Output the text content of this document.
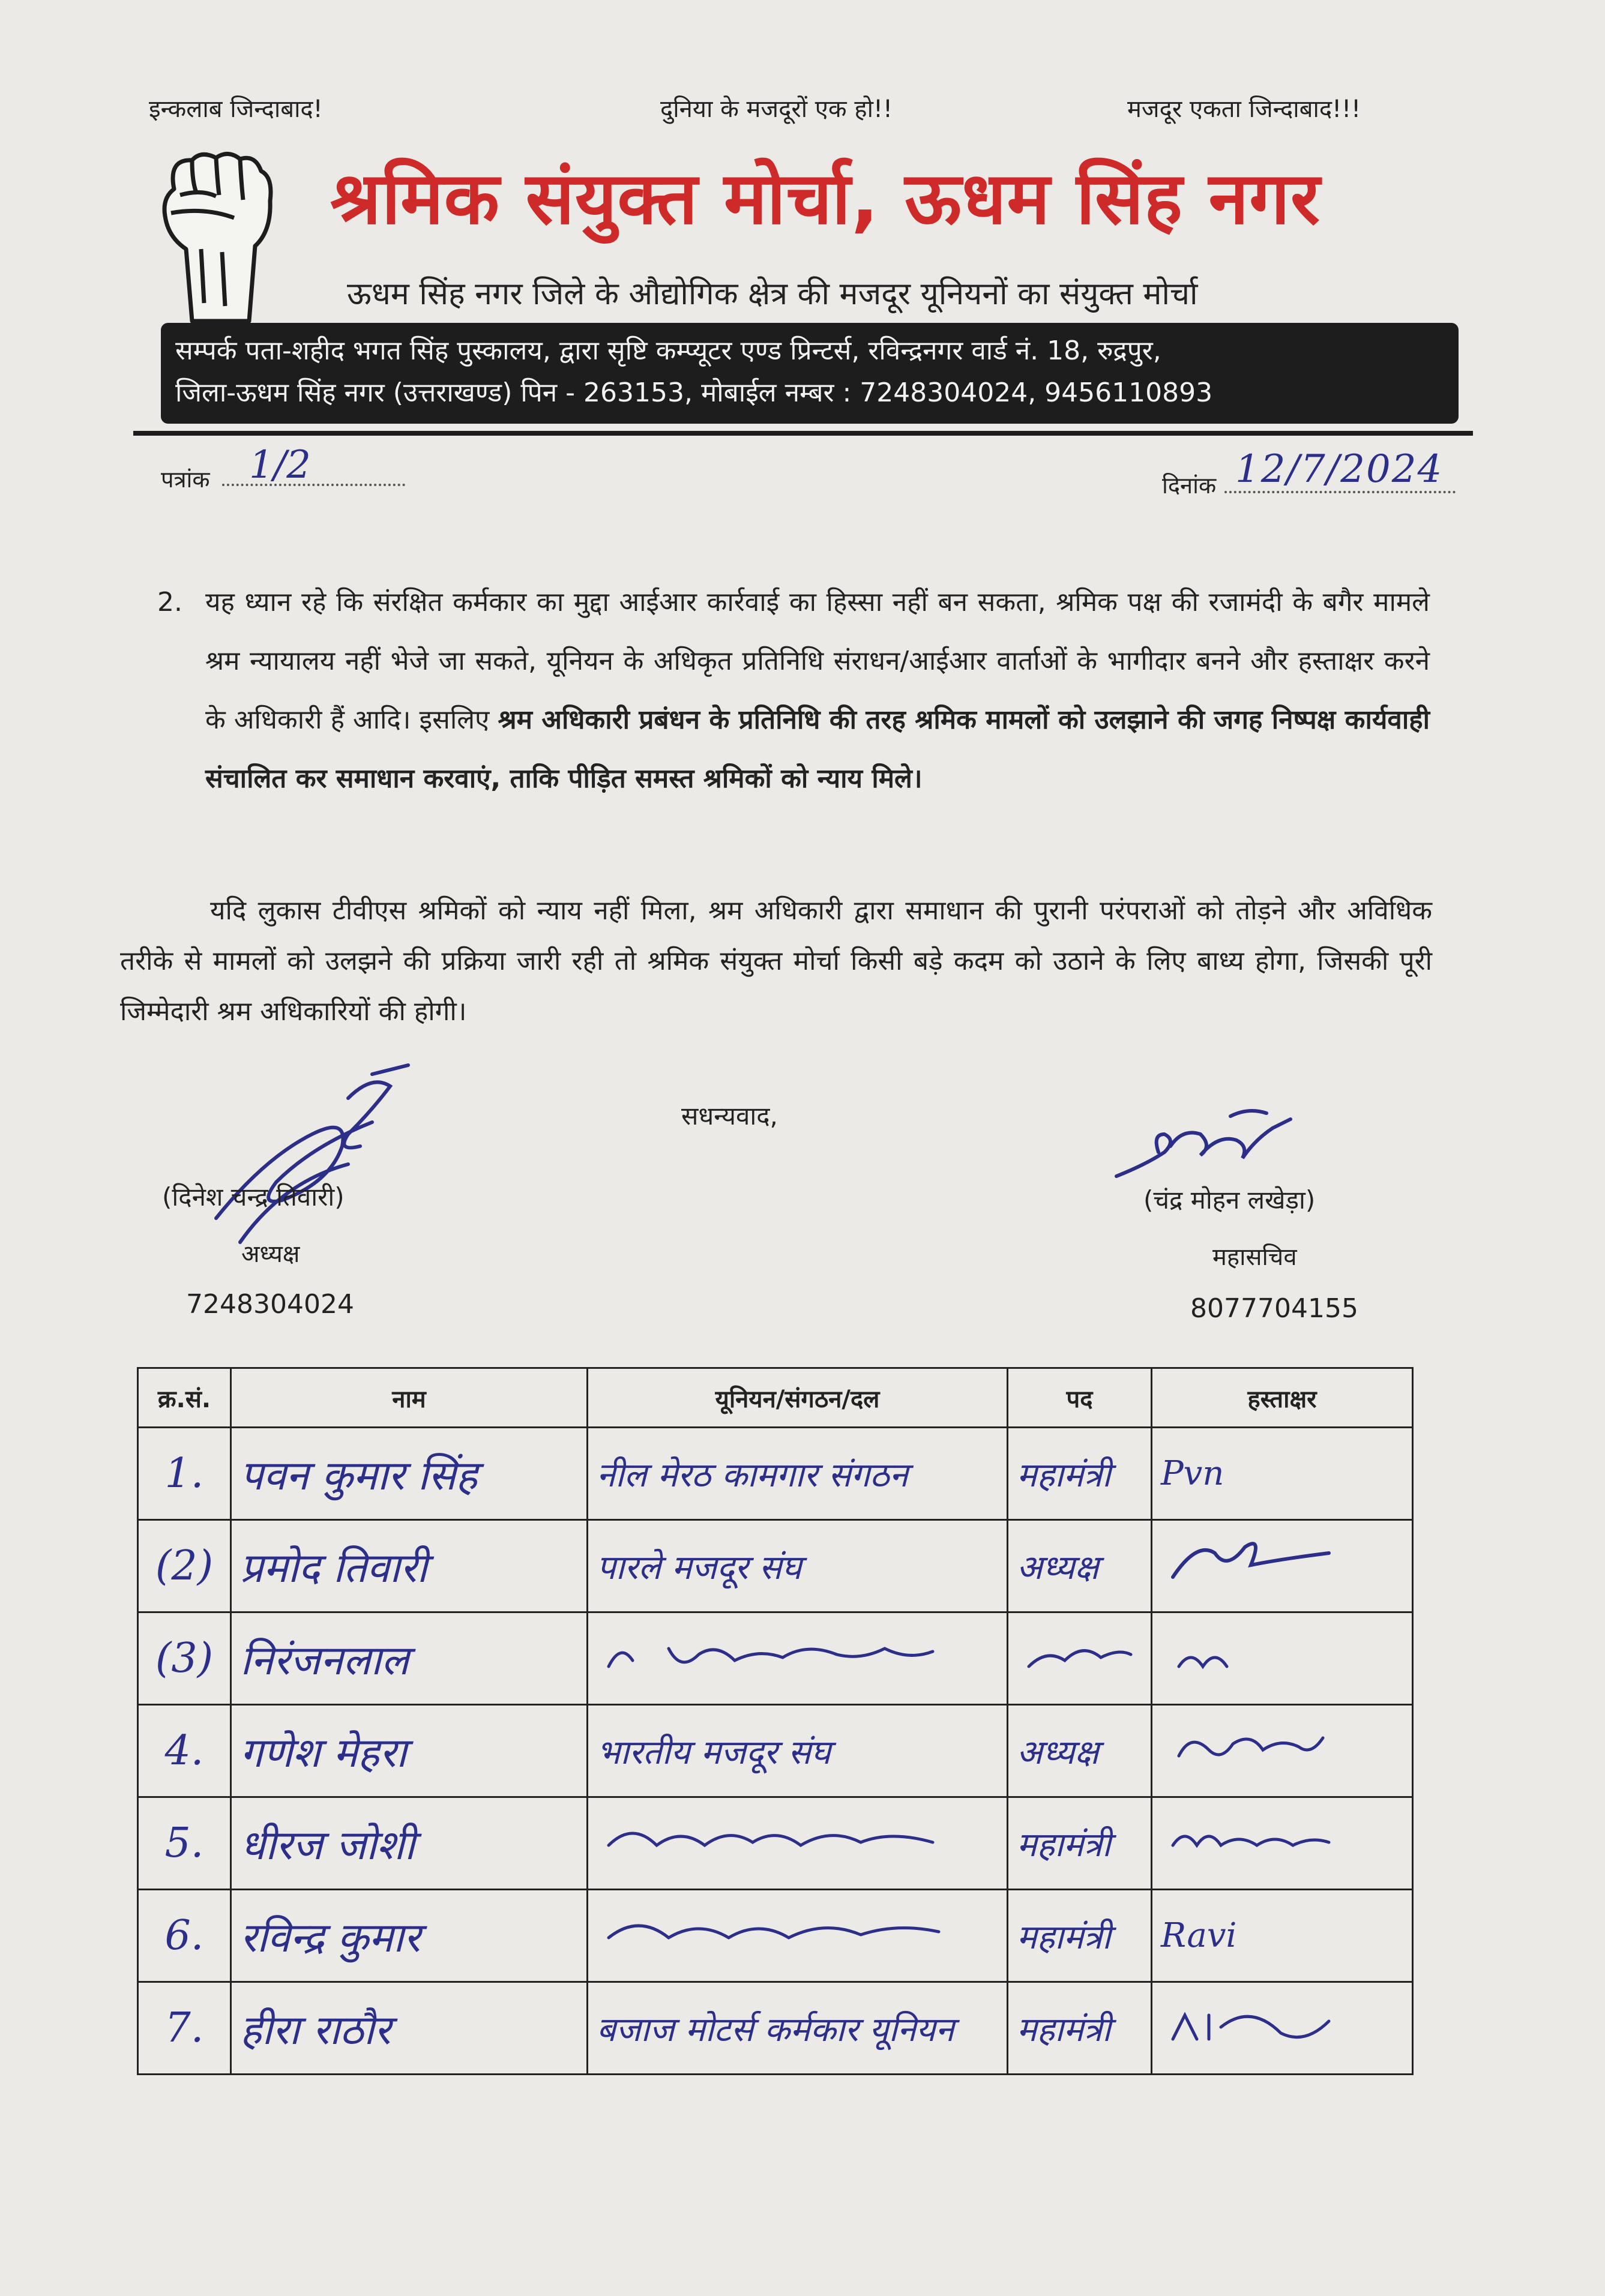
इन्कलाब जिन्दाबाद!	दुनिया के मजदूरों एक हो!!	मजदूर एकता जिन्दाबाद!!!
श्रमिक संयुक्त मोर्चा, ऊधम सिंह नगर
ऊधम सिंह नगर जिले के औद्योगिक क्षेत्र की मजदूर यूनियनों का संयुक्त मोर्चा
सम्पर्क पता-शहीद भगत सिंह पुस्कालय, द्वारा सृष्टि कम्प्यूटर एण्ड प्रिन्टर्स, रविन्द्रनगर वार्ड नं. 18, रुद्रपुर,
जिला-ऊधम सिंह नगर (उत्तराखण्ड) पिन - 263153, मोबाईल नम्बर : 7248304024, 9456110893
पत्रांक 1/2	दिनांक 12/7/2024
2. यह ध्यान रहे कि संरक्षित कर्मकार का मुद्दा आईआर कार्रवाई का हिस्सा नहीं बन सकता, श्रमिक पक्ष की रजामंदी के बगैर मामले श्रम न्यायालय नहीं भेजे जा सकते, यूनियन के अधिकृत प्रतिनिधि संराधन/आईआर वार्ताओं के भागीदार बनने और हस्ताक्षर करने के अधिकारी हैं आदि। इसलिए श्रम अधिकारी प्रबंधन के प्रतिनिधि की तरह श्रमिक मामलों को उलझाने की जगह निष्पक्ष कार्यवाही संचालित कर समाधान करवाएं, ताकि पीड़ित समस्त श्रमिकों को न्याय मिले।
यदि लुकास टीवीएस श्रमिकों को न्याय नहीं मिला, श्रम अधिकारी द्वारा समाधान की पुरानी परंपराओं को तोड़ने और अविधिक तरीके से मामलों को उलझने की प्रक्रिया जारी रही तो श्रमिक संयुक्त मोर्चा किसी बड़े कदम को उठाने के लिए बाध्य होगा, जिसकी पूरी जिम्मेदारी श्रम अधिकारियों की होगी।
सधन्यवाद,
(दिनेश चन्द्र तिवारी)
अध्यक्ष
7248304024
(चंद्र मोहन लखेड़ा)
महासचिव
8077704155
क्र.सं.	नाम	यूनियन/संगठन/दल	पद	हस्ताक्षर
1.	पवन कुमार सिंह	नील मेरठ कामगार संगठन	महामंत्री	Pvn
(2)	प्रमोद तिवारी	पारले मजदूर संघ	अध्यक्ष	
(3)	निरंजनलाल			
4.	गणेश मेहरा	भारतीय मजदूर संघ	अध्यक्ष	
5.	धीरज जोशी		महामंत्री	
6.	रविन्द्र कुमार		महामंत्री	Ravi
7.	हीरा राठौर	बजाज मोटर्स कर्मकार यूनियन	महामंत्री	
